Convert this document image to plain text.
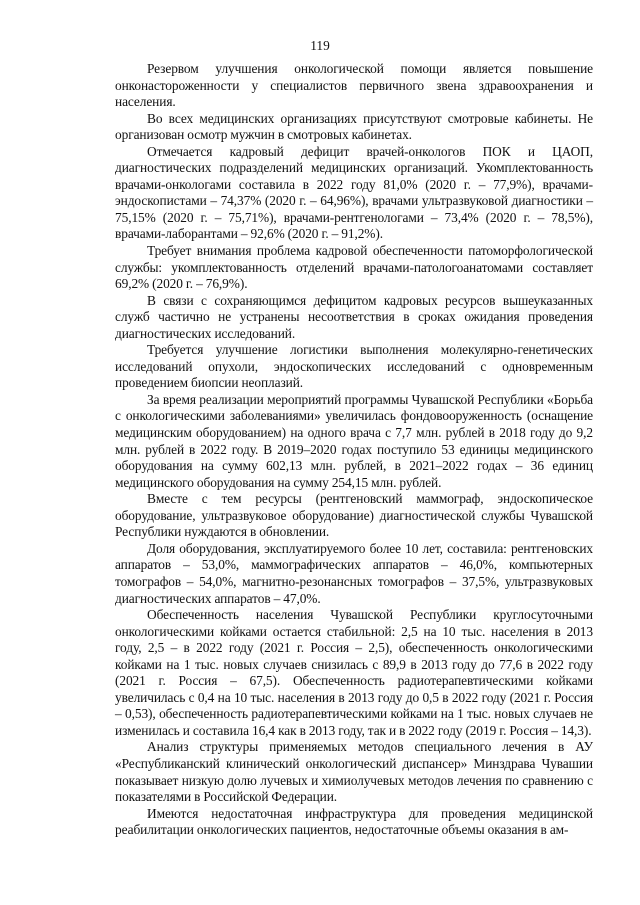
119

Резервом улучшения онкологической помощи является повышение онконастороженности у специалистов первичного звена здравоохранения и населения.

Во всех медицинских организациях присутствуют смотровые кабинеты. Не организован осмотр мужчин в смотровых кабинетах.

Отмечается кадровый дефицит врачей-онкологов ПОК и ЦАОП, диагностических подразделений медицинских организаций. Укомплектованность врачами-онкологами составила в 2022 году 81,0% (2020 г. – 77,9%), врачами-эндоскопистами – 74,37% (2020 г. – 64,96%), врачами ультразвуковой диагностики – 75,15% (2020 г. – 75,71%), врачами-рентгенологами – 73,4% (2020 г. – 78,5%), врачами-лаборантами – 92,6% (2020 г. – 91,2%).

Требует внимания проблема кадровой обеспеченности патоморфологической службы: укомплектованность отделений врачами-патологоанатомами составляет 69,2% (2020 г. – 76,9%).

В связи с сохраняющимся дефицитом кадровых ресурсов вышеуказанных служб частично не устранены несоответствия в сроках ожидания проведения диагностических исследований.

Требуется улучшение логистики выполнения молекулярно-генетических исследований опухоли, эндоскопических исследований с одновременным проведением биопсии неоплазий.

За время реализации мероприятий программы Чувашской Республики «Борьба с онкологическими заболеваниями» увеличилась фондовооруженность (оснащение медицинским оборудованием) на одного врача с 7,7 млн. рублей в 2018 году до 9,2 млн. рублей в 2022 году. В 2019–2020 годах поступило 53 единицы медицинского оборудования на сумму 602,13 млн. рублей, в 2021–2022 годах – 36 единиц медицинского оборудования на сумму 254,15 млн. рублей.

Вместе с тем ресурсы (рентгеновский маммограф, эндоскопическое оборудование, ультразвуковое оборудование) диагностической службы Чувашской Республики нуждаются в обновлении.

Доля оборудования, эксплуатируемого более 10 лет, составила: рентгеновских аппаратов – 53,0%, маммографических аппаратов – 46,0%, компьютерных томографов – 54,0%, магнитно-резонансных томографов – 37,5%, ультразвуковых диагностических аппаратов – 47,0%.

Обеспеченность населения Чувашской Республики круглосуточными онкологическими койками остается стабильной: 2,5 на 10 тыс. населения в 2013 году, 2,5 – в 2022 году (2021 г. Россия – 2,5), обеспеченность онкологическими койками на 1 тыс. новых случаев снизилась с 89,9 в 2013 году до 77,6 в 2022 году (2021 г. Россия – 67,5). Обеспеченность радиотерапевтическими койками увеличилась с 0,4 на 10 тыс. населения в 2013 году до 0,5 в 2022 году (2021 г. Россия – 0,53), обеспеченность радиотерапевтическими койками на 1 тыс. новых случаев не изменилась и составила 16,4 как в 2013 году, так и в 2022 году (2019 г. Россия – 14,3).

Анализ структуры применяемых методов специального лечения в АУ «Республиканский клинический онкологический диспансер» Минздрава Чувашии показывает низкую долю лучевых и химиолучевых методов лечения по сравнению с показателями в Российской Федерации.

Имеются недостаточная инфраструктура для проведения медицинской реабилитации онкологических пациентов, недостаточные объемы оказания в ам-
